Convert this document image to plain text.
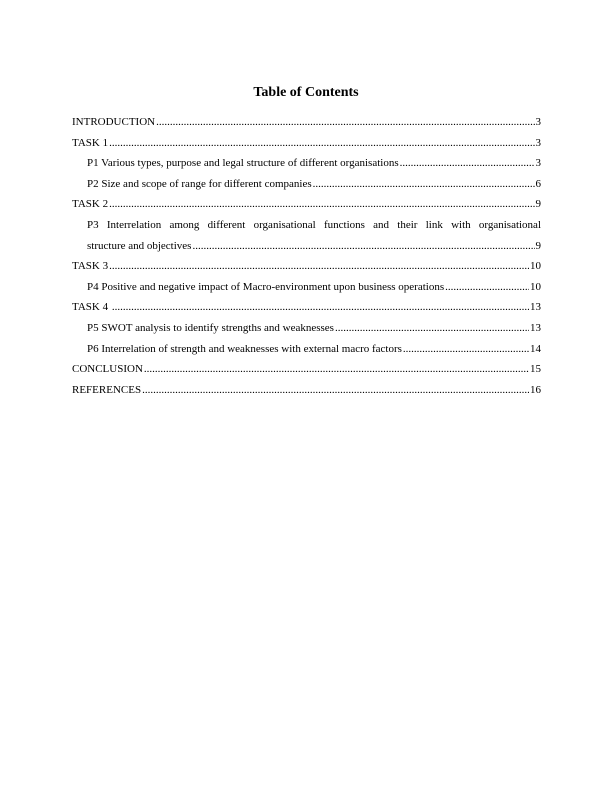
Table of Contents
INTRODUCTION .....	3
TASK 1 .....	3
P1 Various types, purpose and legal structure of different organisations .....	3
P2 Size and scope of range for different companies .....	6
TASK 2 .....	9
P3 Interrelation among different organisational functions and their link with organisational
structure and objectives .....	9
TASK 3 .....	10
P4 Positive and negative impact of Macro-environment upon business operations .....	10
TASK 4 .....	13
P5 SWOT analysis to identify strengths and weaknesses .....	13
P6 Interrelation of strength and weaknesses with external macro factors .....	14
CONCLUSION .....	15
REFERENCES .....	16
